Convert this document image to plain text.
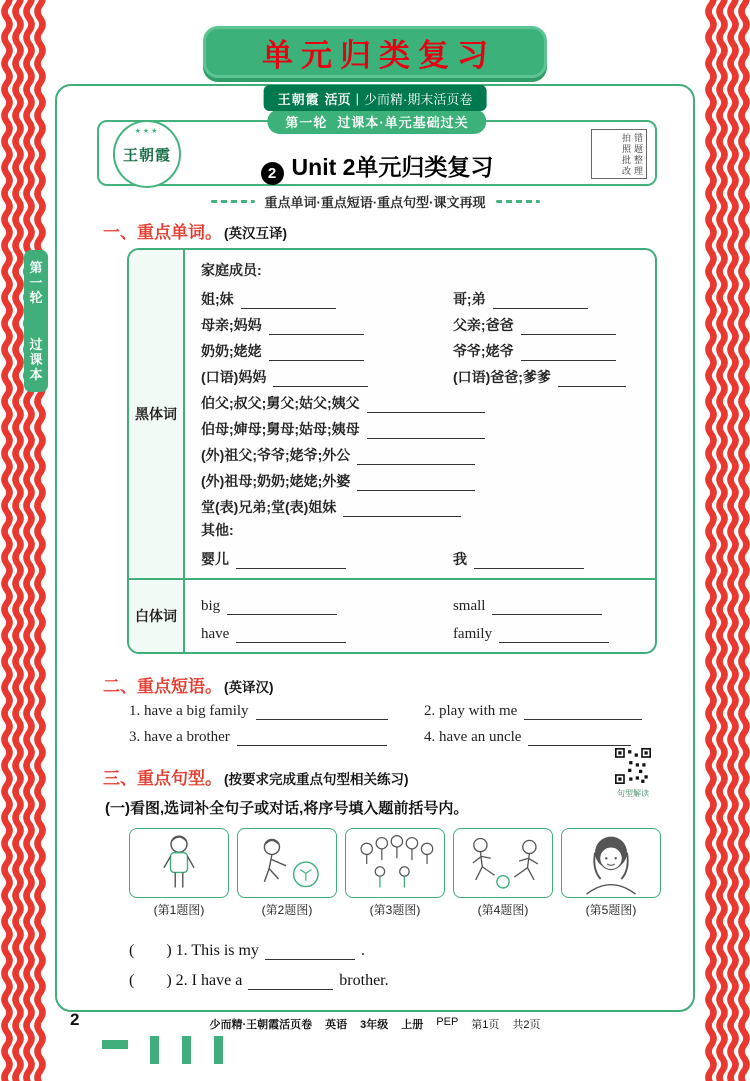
单元归类复习
王朝霞 活页 | 少而精·期末活页卷
第一轮
过课本
第一轮 过课本·单元基础过关
★★★
王朝霞
2 Unit 2单元归类复习
拍照批改
错题整理
重点单词·重点短语·重点句型·课文再现
一、重点单词。 (英汉互译)
黑体词
家庭成员:
姐;妹	哥;弟
母亲;妈妈	父亲;爸爸
奶奶;姥姥	爷爷;姥爷
(口语)妈妈	(口语)爸爸;爹爹
伯父;叔父;舅父;姑父;姨父
伯母;婶母;舅母;姑母;姨母
(外)祖父;爷爷;姥爷;外公
(外)祖母;奶奶;姥姥;外婆
堂(表)兄弟;堂(表)姐妹
其他:
婴儿	我
白体词
big	small
have	family
二、重点短语。 (英译汉)
1. have a big family	2. play with me
3. have a brother	4. have an uncle
三、重点句型。 (按要求完成重点句型相关练习)
句型解读
(一)看图,选词补全句子或对话,将序号填入题前括号内。
(第1题图)	(第2题图)	(第3题图)	(第4题图)	(第5题图)
(        ) 1. This is my	.
(        ) 2. I have a	brother.
2	少而精·王朝霞活页卷 英语 3年级 上册 PEP 第1页 共2页
